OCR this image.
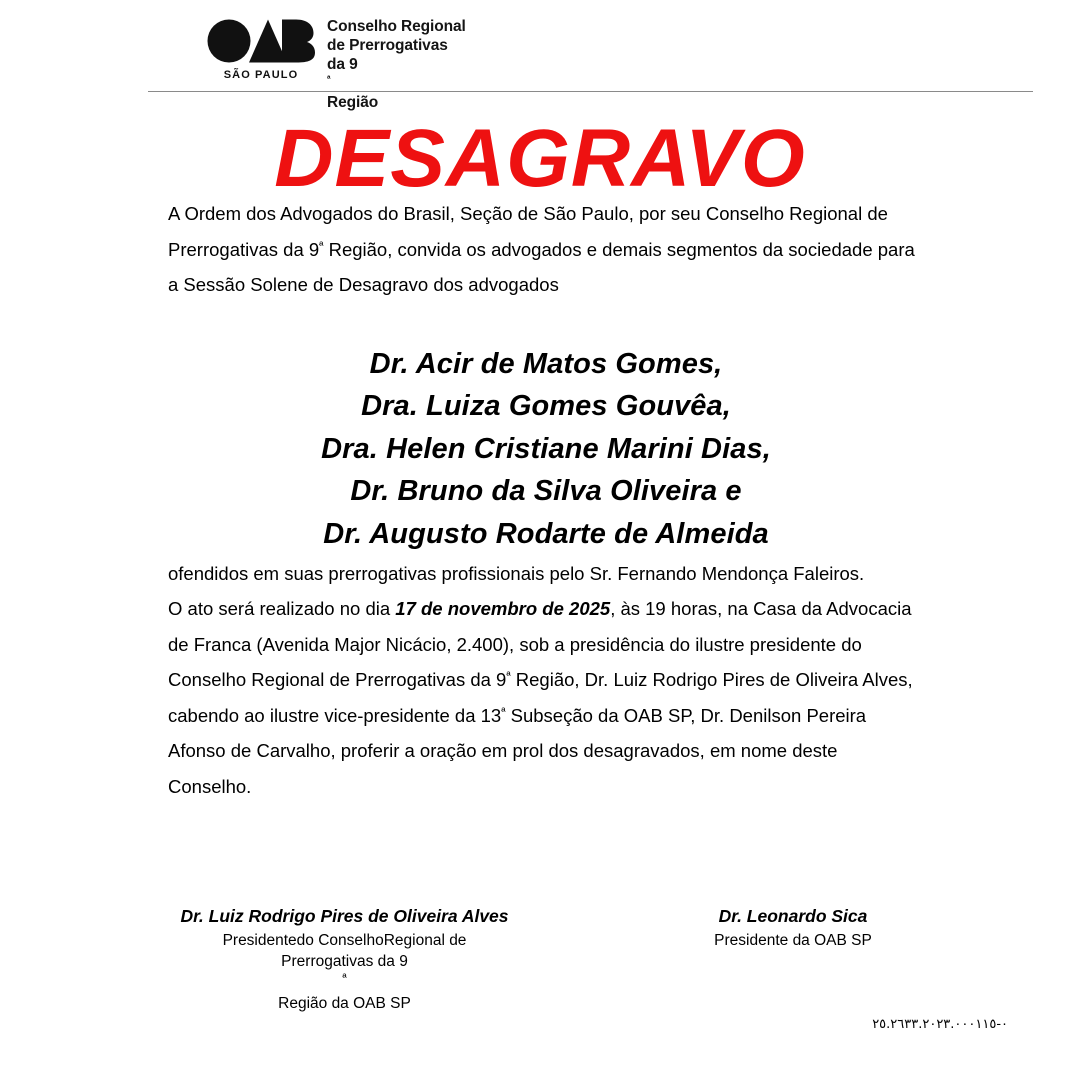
SÃO PAULO
Conselho Regional
de Prerrogativas
da 9
$^ª$
Região
DESAGRAVO

A Ordem dos Advogados do Brasil, Seção de São Paulo, por seu Conselho Regional de Prerrogativas da $9^ª$ Região, convida os advogados e demais segmentos da sociedade para a Sessão Solene de Desagravo dos advogados

Dr. Acir de Matos Gomes,
Dra. Luiza Gomes Gouvêa,
Dra. Helen Cristiane Marini Dias,
Dr. Bruno da Silva Oliveira e
Dr. Augusto Rodarte de Almeida

ofendidos em suas prerrogativas profissionais pelo Sr. Fernando Mendonça Faleiros.

O ato será realizado no dia 17 de novembro de 2025, às 19 horas, na Casa da Advocacia de Franca (Avenida Major Nicácio, 2.400), sob a presidência do ilustre presidente do Conselho Regional de Prerrogativas da $9^ª$ Região, Dr. Luiz Rodrigo Pires de Oliveira Alves, cabendo ao ilustre vice-presidente da $13^ª$ Subseção da OAB SP, Dr. Denilson Pereira Afonso de Carvalho, proferir a oração em prol dos desagravados, em nome deste Conselho.

Dr. Luiz Rodrigo Pires de Oliveira Alves
Presidentedo ConselhoRegional de
Prerrogativas da 9
$^ª$
Região da OAB SP
Dr. Leonardo Sica
Presidente da OAB SP
٢٥.٢٦٣٣.٢٠٢٣.٠٠٠١١٥-٠
